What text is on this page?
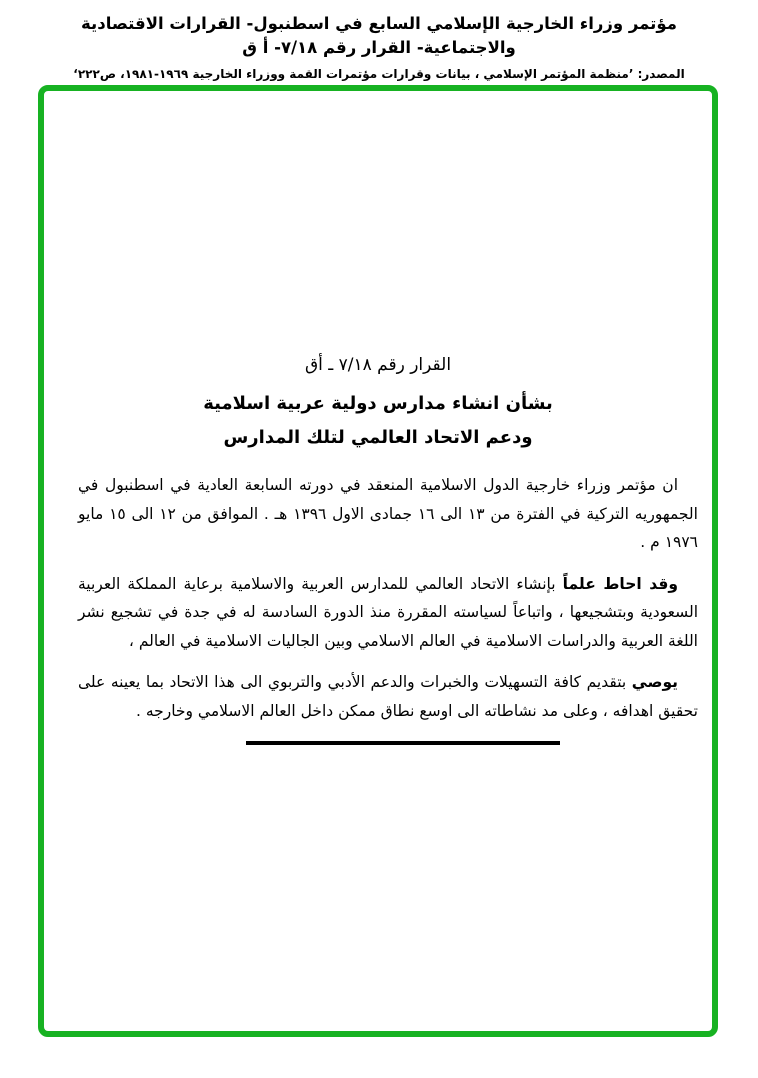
مؤتمر وزراء الخارجية الإسلامي السابع في اسطنبول- القرارات الاقتصادية والاجتماعية- القرار رقم ٧/١٨- أ ق
المصدر: ’منظمة المؤتمر الإسلامي ، بيانات وقرارات مؤتمرات القمة ووزراء الخارجية ١٩٦٩-١٩٨١، ص٢٢٢‘
القرار رقم ٧/١٨ ـ أق
بشأن انشاء مدارس دولية عربية اسلامية
ودعم الاتحاد العالمي لتلك المدارس

ان مؤتمر وزراء خارجية الدول الاسلامية المنعقد في دورته السابعة العادية في اسطنبول في الجمهوريه التركية في الفترة من ١٣ الى ١٦ جمادى الاول ١٣٩٦ هـ . الموافق من ١٢ الى ١٥ مايو ١٩٧٦ م .

وقد احاط علماً بإنشاء الاتحاد العالمي للمدارس العربية والاسلامية برعاية المملكة العربية السعودية وبتشجيعها ، واتباعاً لسياسته المقررة منذ الدورة السادسة له في جدة في تشجيع نشر اللغة العربية والدراسات الاسلامية في العالم الاسلامي وبين الجاليات الاسلامية في العالم ،

يوصي بتقديم كافة التسهيلات والخبرات والدعم الأدبي والتربوي الى هذا الاتحاد بما يعينه على تحقيق اهدافه ، وعلى مد نشاطاته الى اوسع نطاق ممكن داخل العالم الاسلامي وخارجه .
